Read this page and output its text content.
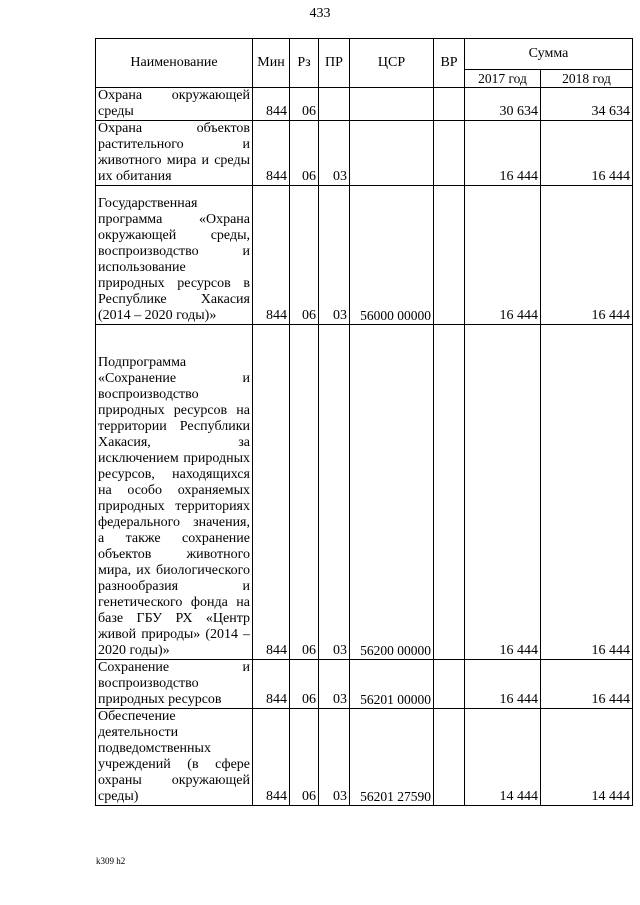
433
Наименование	Мин	Рз	ПР	ЦСР	ВР	Сумма	
						2017 год	2018 год
Охрана окружающей среды	844	06				30 634	34 634
Охрана объектов растительного и животного мира и среды их обитания	844	06	03			16 444	16 444
Государственная программа «Охрана окружающей среды, воспроизводство и использование природных ресурсов в Республике Хакасия (2014 – 2020 годы)»	844	06	03	56000 00000		16 444	16 444
Подпрограмма «Сохранение и воспроизводство природных ресурсов на территории Республики Хакасия, за исключением природных ресурсов, находящихся на особо охраняемых природных территориях федерального значения, а также сохранение объектов животного мира, их биологического разнообразия и генетического фонда на базе ГБУ РХ «Центр живой природы» (2014 – 2020 годы)»	844	06	03	56200 00000		16 444	16 444
Сохранение и воспроизводство природных ресурсов	844	06	03	56201 00000		16 444	16 444
Обеспечение деятельности подведомственных учреждений (в сфере охраны окружающей среды)	844	06	03	56201 27590		14 444	14 444
k309 h2
